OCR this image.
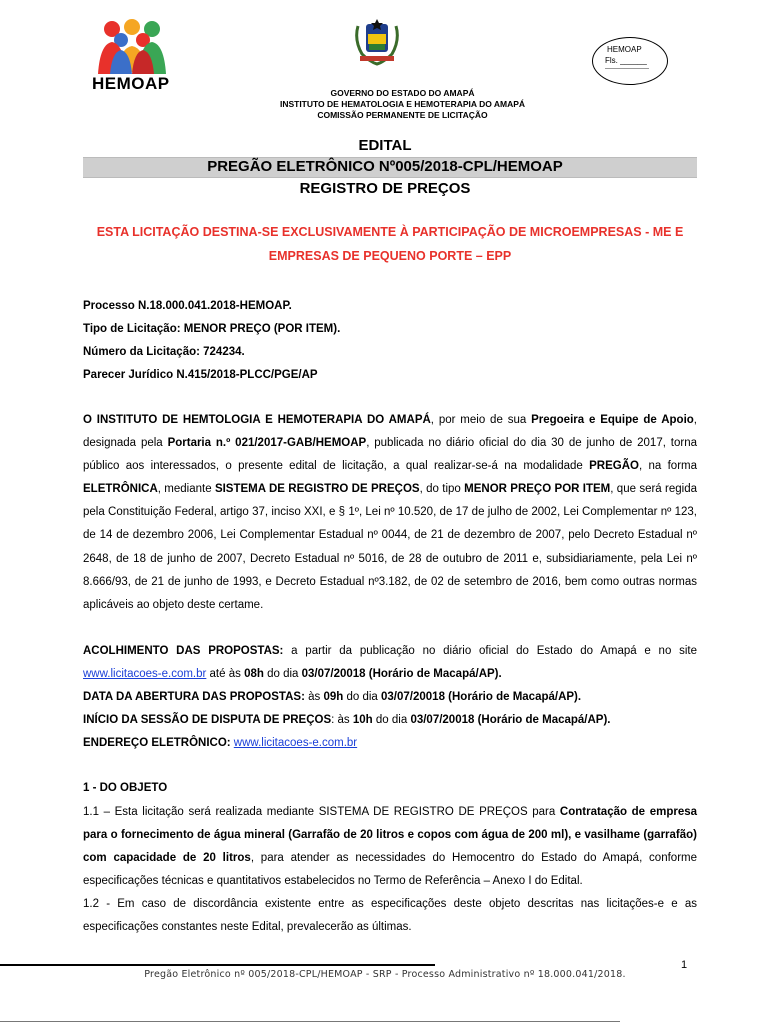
HEMOAP
HEMOAP
Fls. ______
GOVERNO DO ESTADO DO AMAPÁ
INSTITUTO DE HEMATOLOGIA E HEMOTERAPIA DO AMAPÁ
COMISSÃO PERMANENTE DE LICITAÇÃO
EDITAL
PREGÃO ELETRÔNICO Nº005/2018-CPL/HEMOAP
REGISTRO DE PREÇOS
ESTA LICITAÇÃO DESTINA-SE EXCLUSIVAMENTE À PARTICIPAÇÃO DE MICROEMPRESAS - ME E
EMPRESAS DE PEQUENO PORTE – EPP
Processo N.18.000.041.2018-HEMOAP.
Tipo de Licitação: MENOR PREÇO (POR ITEM).
Número da Licitação: 724234.
Parecer Jurídico N.415/2018-PLCC/PGE/AP
O INSTITUTO DE HEMTOLOGIA E HEMOTERAPIA DO AMAPÁ, por meio de sua Pregoeira e Equipe de Apoio, designada pela Portaria n.º 021/2017-GAB/HEMOAP, publicada no diário oficial do dia 30 de junho de 2017, torna público aos interessados, o presente edital de licitação, a qual realizar-se-á na modalidade PREGÃO, na forma ELETRÔNICA, mediante SISTEMA DE REGISTRO DE PREÇOS, do tipo MENOR PREÇO POR ITEM, que será regida pela Constituição Federal, artigo 37, inciso XXI, e § 1º, Lei nº 10.520, de 17 de julho de 2002, Lei Complementar nº 123, de 14 de dezembro 2006, Lei Complementar Estadual nº 0044, de 21 de dezembro de 2007, pelo Decreto Estadual nº 2648, de 18 de junho de 2007, Decreto Estadual nº 5016, de 28 de outubro de 2011 e, subsidiariamente, pela Lei nº 8.666/93, de 21 de junho de 1993, e Decreto Estadual nº3.182, de 02 de setembro de 2016, bem como outras normas aplicáveis ao objeto deste certame.
ACOLHIMENTO DAS PROPOSTAS: a partir da publicação no diário oficial do Estado do Amapá e no site www.licitacoes-e.com.br até às 08h do dia 03/07/20018 (Horário de Macapá/AP).
DATA DA ABERTURA DAS PROPOSTAS: às 09h do dia 03/07/20018 (Horário de Macapá/AP).
INÍCIO DA SESSÃO DE DISPUTA DE PREÇOS: às 10h do dia 03/07/20018 (Horário de Macapá/AP).
ENDEREÇO ELETRÔNICO: www.licitacoes-e.com.br
1 - DO OBJETO
1.1 – Esta licitação será realizada mediante SISTEMA DE REGISTRO DE PREÇOS para Contratação de empresa para o fornecimento de água mineral (Garrafão de 20 litros e copos com água de 200 ml), e vasilhame (garrafão) com capacidade de 20 litros, para atender as necessidades do Hemocentro do Estado do Amapá, conforme especificações técnicas e quantitativos estabelecidos no Termo de Referência – Anexo I do Edital.
1.2 - Em caso de discordância existente entre as especificações deste objeto descritas nas licitações-e e as especificações constantes neste Edital, prevalecerão as últimas.
1
Pregão Eletrônico nº 005/2018-CPL/HEMOAP - SRP - Processo Administrativo nº 18.000.041/2018.
